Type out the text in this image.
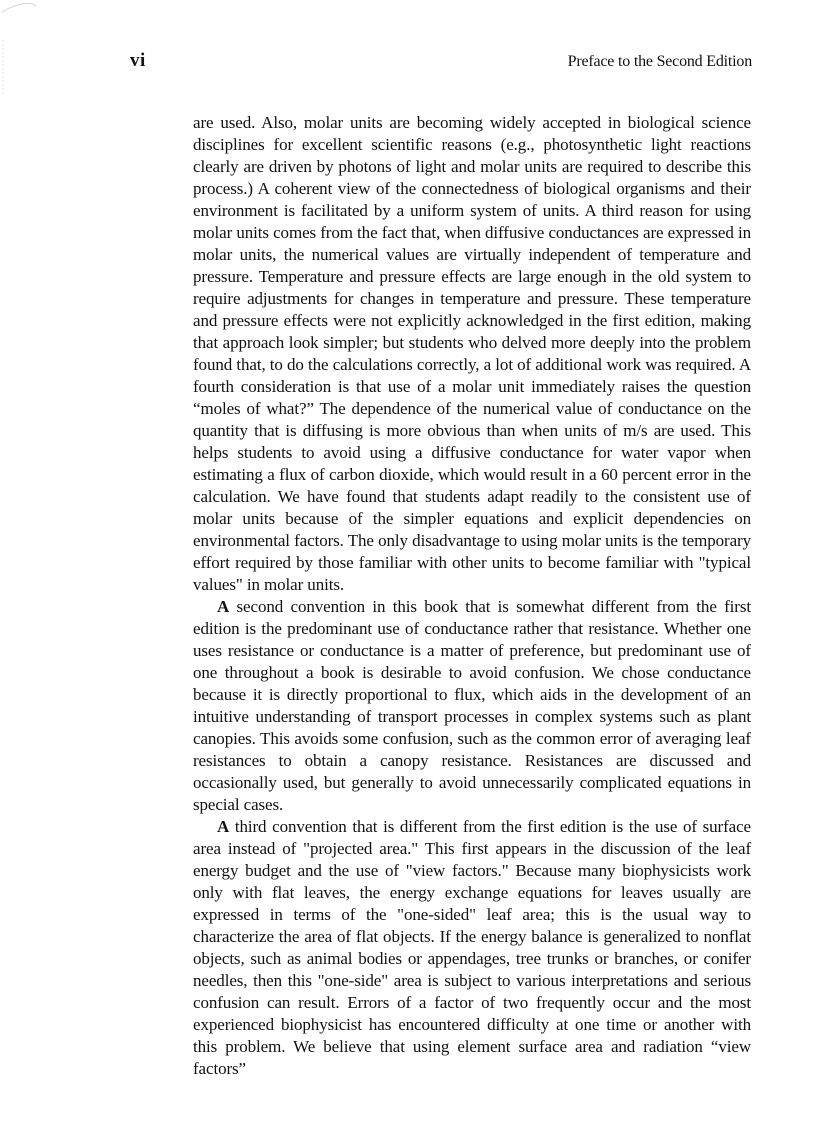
vi	Preface to the Second Edition

are used. Also, molar units are becoming widely accepted in biological science disciplines for excellent scientific reasons (e.g., photosynthetic light reactions clearly are driven by photons of light and molar units are required to describe this process.) A coherent view of the connectedness of biological organisms and their environment is facilitated by a uniform system of units. A third reason for using molar units comes from the fact that, when diffusive conductances are expressed in molar units, the numerical values are virtually independent of temperature and pressure. Temperature and pressure effects are large enough in the old system to require adjustments for changes in temperature and pressure. These temperature and pressure effects were not explicitly acknowledged in the first edition, making that approach look simpler; but students who delved more deeply into the problem found that, to do the calculations correctly, a lot of additional work was required. A fourth consideration is that use of a molar unit immediately raises the question “moles of what?” The dependence of the numerical value of conductance on the quantity that is diffusing is more obvious than when units of m/s are used. This helps students to avoid using a diffusive conductance for water vapor when estimating a flux of carbon dioxide, which would result in a 60 percent error in the calculation. We have found that students adapt readily to the consistent use of molar units because of the simpler equations and explicit dependencies on environmental factors. The only disadvantage to using molar units is the temporary effort required by those familiar with other units to become familiar with "typical values" in molar units.

A second convention in this book that is somewhat different from the first edition is the predominant use of conductance rather that resistance. Whether one uses resistance or conductance is a matter of preference, but predominant use of one throughout a book is desirable to avoid confusion. We chose conductance because it is directly proportional to flux, which aids in the development of an intuitive understanding of transport processes in complex systems such as plant canopies. This avoids some confusion, such as the common error of averaging leaf resistances to obtain a canopy resistance. Resistances are discussed and occasionally used, but generally to avoid unnecessarily complicated equations in special cases.

A third convention that is different from the first edition is the use of surface area instead of "projected area." This first appears in the discussion of the leaf energy budget and the use of "view factors." Because many biophysicists work only with flat leaves, the energy exchange equations for leaves usually are expressed in terms of the "one-sided" leaf area; this is the usual way to characterize the area of flat objects. If the energy balance is generalized to nonflat objects, such as animal bodies or appendages, tree trunks or branches, or conifer needles, then this "one-side" area is subject to various interpretations and serious confusion can result. Errors of a factor of two frequently occur and the most experienced biophysicist has encountered difficulty at one time or another with this problem. We believe that using element surface area and radiation “view factors”
